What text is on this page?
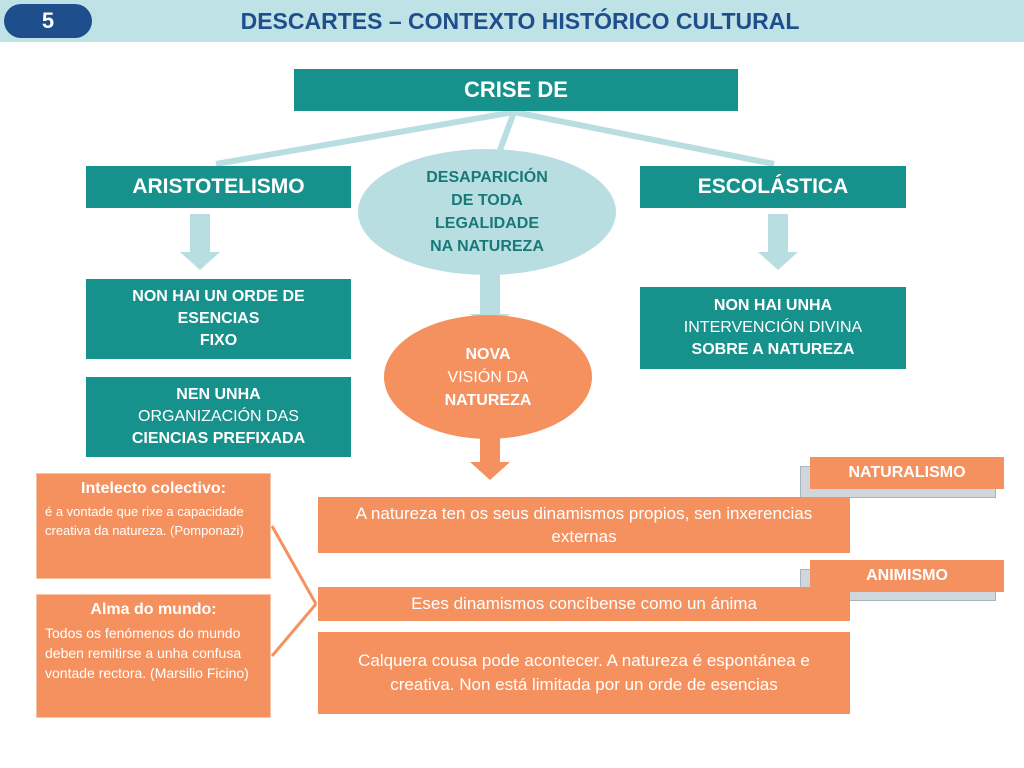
5	DESCARTES – CONTEXTO HISTÓRICO CULTURAL
CRISE DE
ARISTOTELISMO
NON HAI UN ORDE DE
ESENCIAS
FIXO
NEN UNHA
ORGANIZACIÓN DAS
CIENCIAS PREFIXADA
ESCOLÁSTICA
NON HAI UNHA
INTERVENCIÓN DIVINA
SOBRE A NATUREZA
DESAPARICIÓN
DE TODA
LEGALIDADE
NA NATUREZA
NOVA
VISIÓN DA
NATUREZA
NATURALISMO
ANIMISMO
A natureza ten os seus dinamismos propios, sen inxerencias externas
Eses dinamismos concíbense como un ánima
Calquera cousa pode acontecer. A natureza é espontánea e creativa. Non está limitada por un orde de esencias
Intelecto colectivo:
é a vontade que rixe a capacidade creativa da natureza. (Pomponazi)
Alma do mundo:
Todos os fenómenos do mundo deben remitirse a unha confusa vontade rectora. (Marsilio Ficino)
